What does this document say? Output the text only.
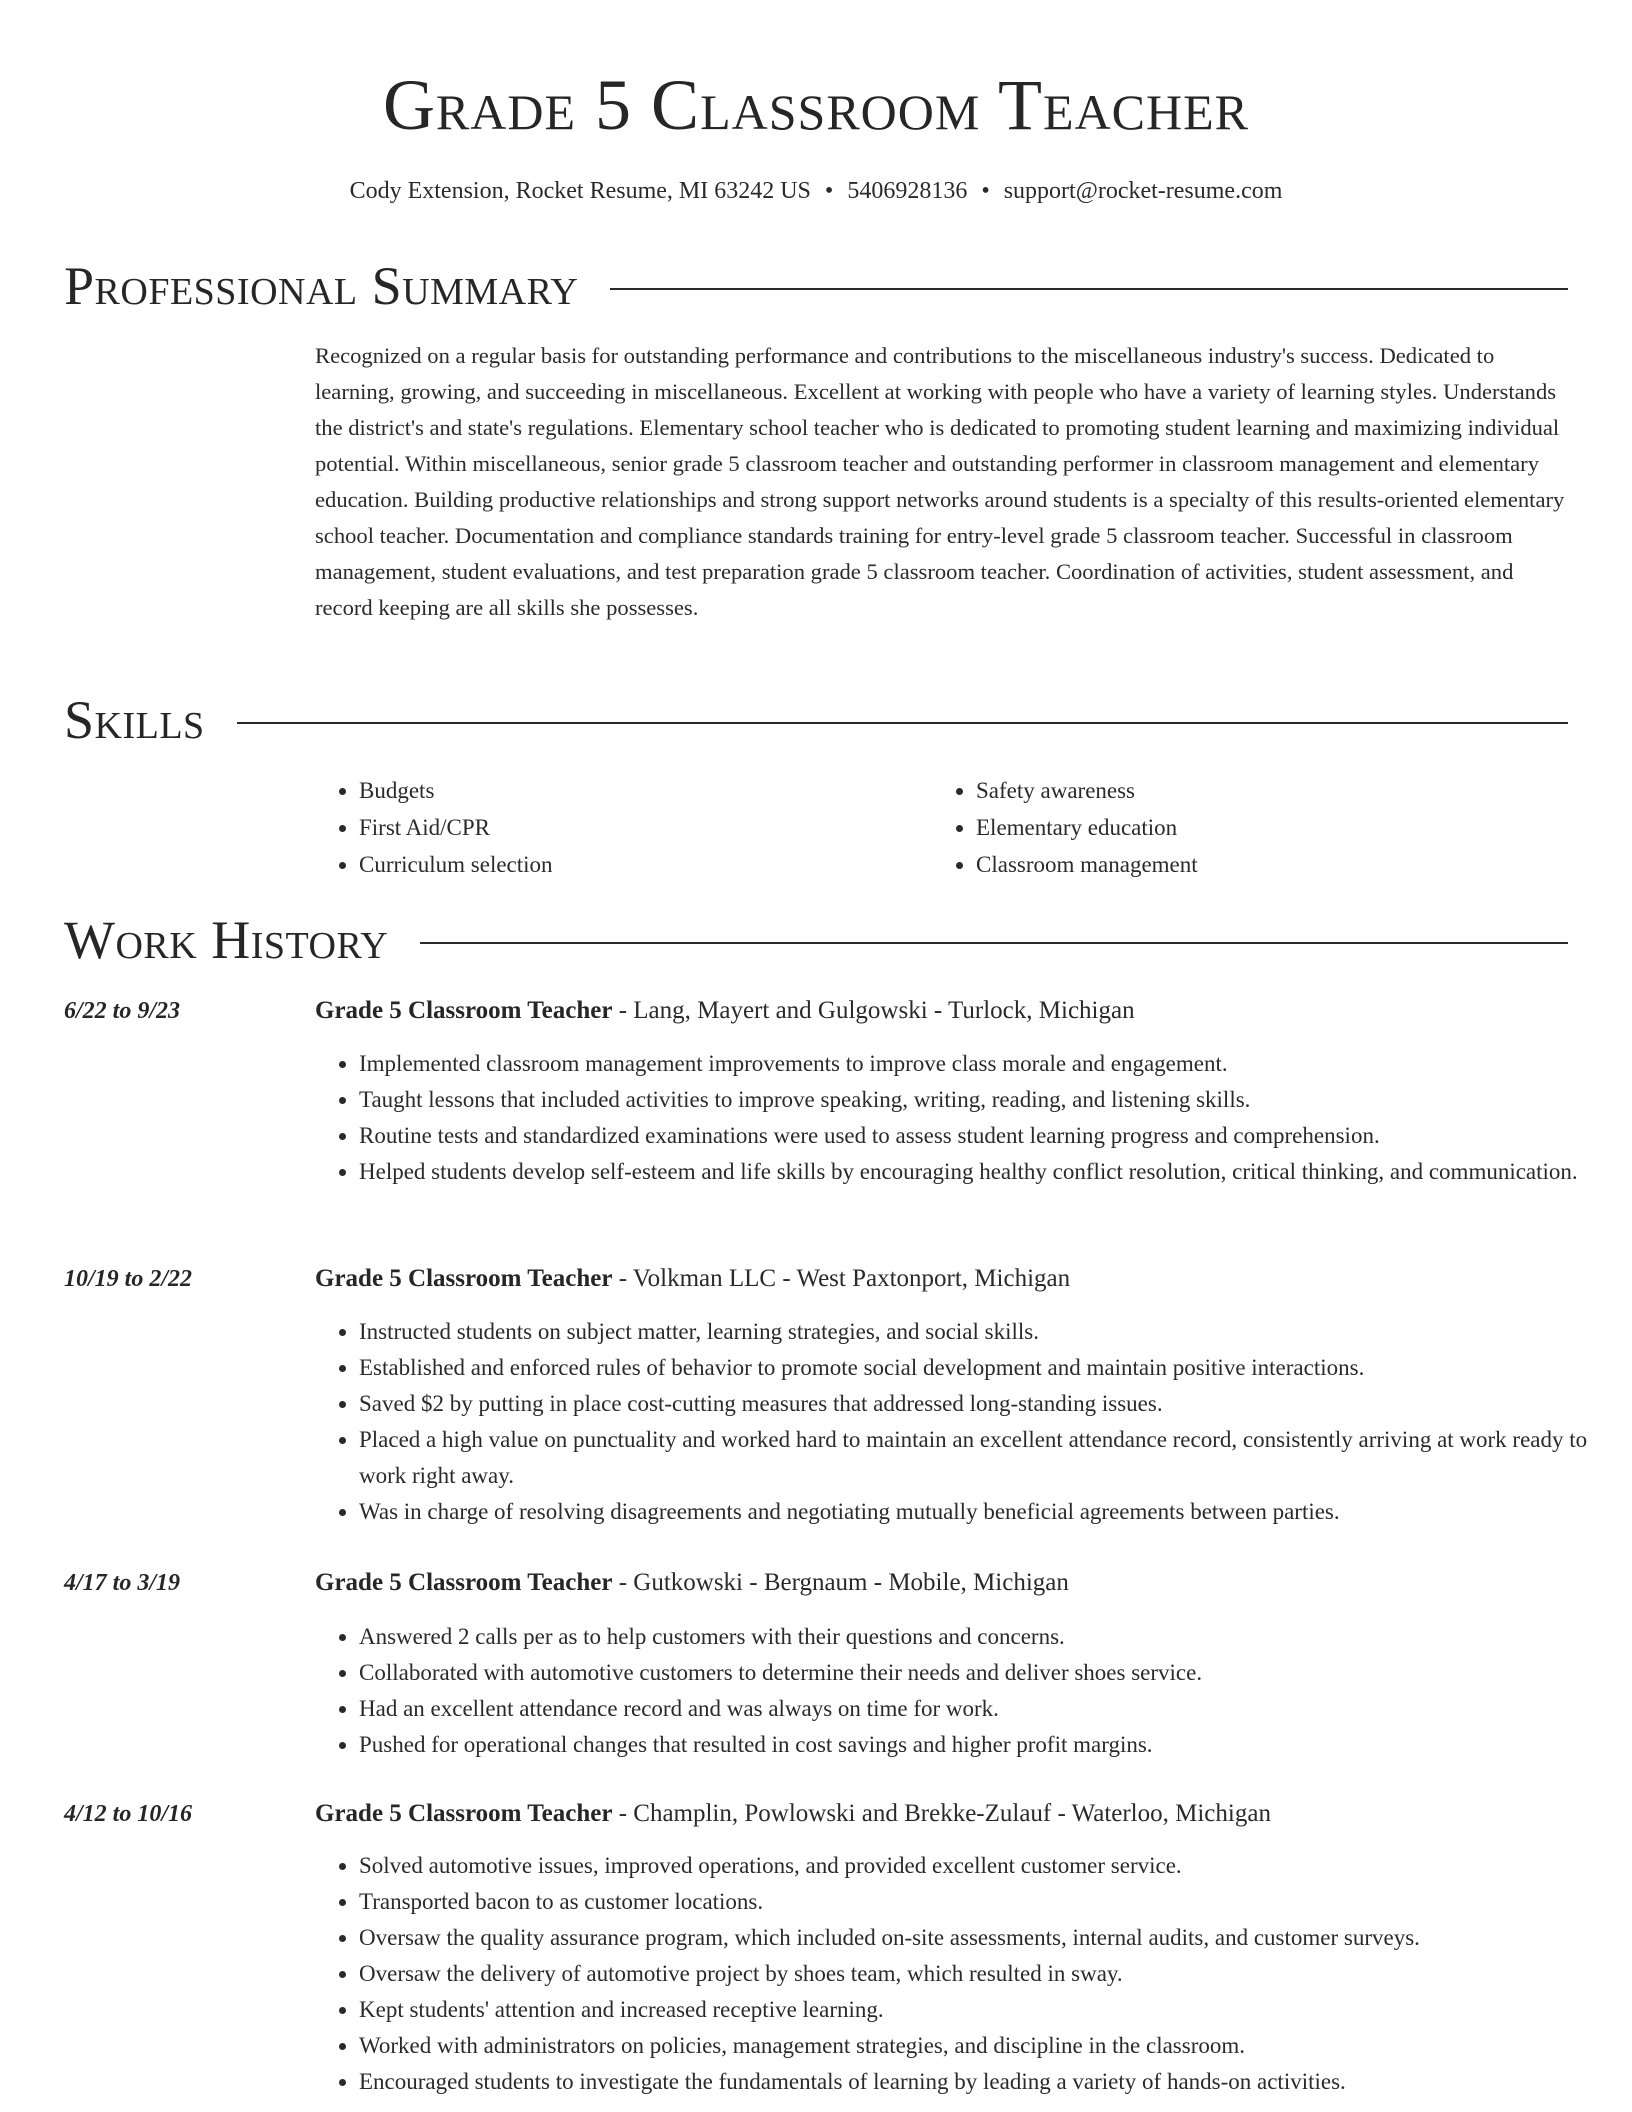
Grade 5 Classroom Teacher
Cody Extension, Rocket Resume, MI 63242 US • 5406928136 • support@rocket-resume.com
Professional Summary
Recognized on a regular basis for outstanding performance and contributions to the miscellaneous industry's success. Dedicated to learning, growing, and succeeding in miscellaneous. Excellent at working with people who have a variety of learning styles. Understands the district's and state's regulations. Elementary school teacher who is dedicated to promoting student learning and maximizing individual potential. Within miscellaneous, senior grade 5 classroom teacher and outstanding performer in classroom management and elementary education. Building productive relationships and strong support networks around students is a specialty of this results-oriented elementary school teacher. Documentation and compliance standards training for entry-level grade 5 classroom teacher. Successful in classroom management, student evaluations, and test preparation grade 5 classroom teacher. Coordination of activities, student assessment, and record keeping are all skills she possesses.
Skills
• Budgets
• First Aid/CPR
• Curriculum selection
• Safety awareness
• Elementary education
• Classroom management
Work History
6/22 to 9/23	Grade 5 Classroom Teacher - Lang, Mayert and Gulgowski - Turlock, Michigan
• Implemented classroom management improvements to improve class morale and engagement.
• Taught lessons that included activities to improve speaking, writing, reading, and listening skills.
• Routine tests and standardized examinations were used to assess student learning progress and comprehension.
• Helped students develop self-esteem and life skills by encouraging healthy conflict resolution, critical thinking, and communication.
10/19 to 2/22	Grade 5 Classroom Teacher - Volkman LLC - West Paxtonport, Michigan
• Instructed students on subject matter, learning strategies, and social skills.
• Established and enforced rules of behavior to promote social development and maintain positive interactions.
• Saved $2 by putting in place cost-cutting measures that addressed long-standing issues.
• Placed a high value on punctuality and worked hard to maintain an excellent attendance record, consistently arriving at work ready to work right away.
• Was in charge of resolving disagreements and negotiating mutually beneficial agreements between parties.
4/17 to 3/19	Grade 5 Classroom Teacher - Gutkowski - Bergnaum - Mobile, Michigan
• Answered 2 calls per as to help customers with their questions and concerns.
• Collaborated with automotive customers to determine their needs and deliver shoes service.
• Had an excellent attendance record and was always on time for work.
• Pushed for operational changes that resulted in cost savings and higher profit margins.
4/12 to 10/16	Grade 5 Classroom Teacher - Champlin, Powlowski and Brekke-Zulauf - Waterloo, Michigan
• Solved automotive issues, improved operations, and provided excellent customer service.
• Transported bacon to as customer locations.
• Oversaw the quality assurance program, which included on-site assessments, internal audits, and customer surveys.
• Oversaw the delivery of automotive project by shoes team, which resulted in sway.
• Kept students' attention and increased receptive learning.
• Worked with administrators on policies, management strategies, and discipline in the classroom.
• Encouraged students to investigate the fundamentals of learning by leading a variety of hands-on activities.
